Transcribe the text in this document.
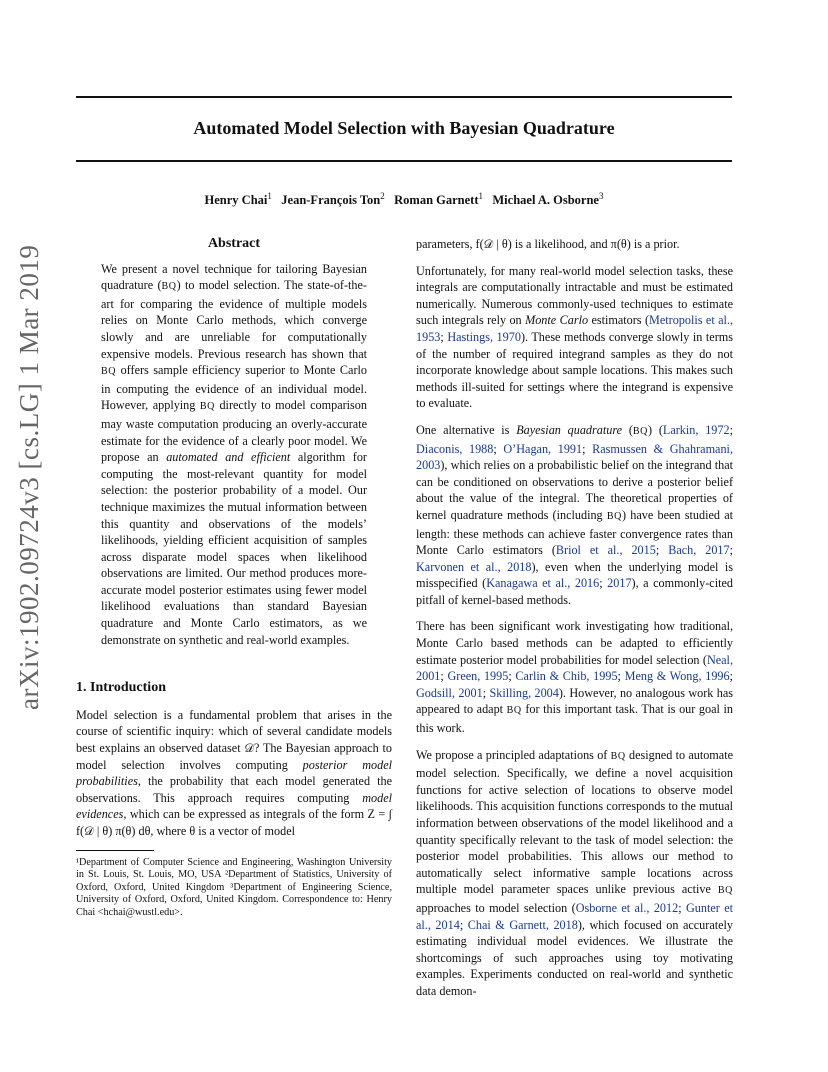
Automated Model Selection with Bayesian Quadrature
Henry Chai$^1$ Jean-François Ton$^2$ Roman Garnett$^1$ Michael A. Osborne$^3$
arXiv:1902.09724v3 [cs.LG] 1 Mar 2019
Abstract
We present a novel technique for tailoring Bayesian quadrature (BQ) to model selection. The state-of-the-art for comparing the evidence of multiple models relies on Monte Carlo methods, which converge slowly and are unreliable for computationally expensive models. Previous research has shown that BQ offers sample efficiency superior to Monte Carlo in computing the evidence of an individual model. However, applying BQ directly to model comparison may waste computation producing an overly-accurate estimate for the evidence of a clearly poor model. We propose an automated and efficient algorithm for computing the most-relevant quantity for model selection: the posterior probability of a model. Our technique maximizes the mutual information between this quantity and observations of the models’ likelihoods, yielding efficient acquisition of samples across disparate model spaces when likelihood observations are limited. Our method produces more-accurate model posterior estimates using fewer model likelihood evaluations than standard Bayesian quadrature and Monte Carlo estimators, as we demonstrate on synthetic and real-world examples.
1. Introduction

Model selection is a fundamental problem that arises in the course of scientific inquiry: which of several candidate models best explains an observed dataset 𝒟? The Bayesian approach to model selection involves computing posterior model probabilities, the probability that each model generated the observations. This approach requires computing model evidences, which can be expressed as integrals of the form Z = ∫ f(𝒟 | θ) π(θ) dθ, where θ is a vector of model

¹Department of Computer Science and Engineering, Washington University in St. Louis, St. Louis, MO, USA ²Department of Statistics, University of Oxford, Oxford, United Kingdom ³Department of Engineering Science, University of Oxford, Oxford, United Kingdom. Correspondence to: Henry Chai <hchai@wustl.edu>.

parameters, f(𝒟 | θ) is a likelihood, and π(θ) is a prior.

Unfortunately, for many real-world model selection tasks, these integrals are computationally intractable and must be estimated numerically. Numerous commonly-used techniques to estimate such integrals rely on Monte Carlo estimators (Metropolis et al., 1953; Hastings, 1970). These methods converge slowly in terms of the number of required integrand samples as they do not incorporate knowledge about sample locations. This makes such methods ill-suited for settings where the integrand is expensive to evaluate.

One alternative is Bayesian quadrature (BQ) (Larkin, 1972; Diaconis, 1988; O’Hagan, 1991; Rasmussen & Ghahramani, 2003), which relies on a probabilistic belief on the integrand that can be conditioned on observations to derive a posterior belief about the value of the integral. The theoretical properties of kernel quadrature methods (including BQ) have been studied at length: these methods can achieve faster convergence rates than Monte Carlo estimators (Briol et al., 2015; Bach, 2017; Karvonen et al., 2018), even when the underlying model is misspecified (Kanagawa et al., 2016; 2017), a commonly-cited pitfall of kernel-based methods.

There has been significant work investigating how traditional, Monte Carlo based methods can be adapted to efficiently estimate posterior model probabilities for model selection (Neal, 2001; Green, 1995; Carlin & Chib, 1995; Meng & Wong, 1996; Godsill, 2001; Skilling, 2004). However, no analogous work has appeared to adapt BQ for this important task. That is our goal in this work.

We propose a principled adaptations of BQ designed to automate model selection. Specifically, we define a novel acquisition functions for active selection of locations to observe model likelihoods. This acquisition functions corresponds to the mutual information between observations of the model likelihood and a quantity specifically relevant to the task of model selection: the posterior model probabilities. This allows our method to automatically select informative sample locations across multiple model parameter spaces unlike previous active BQ approaches to model selection (Osborne et al., 2012; Gunter et al., 2014; Chai & Garnett, 2018), which focused on accurately estimating individual model evidences. We illustrate the shortcomings of such approaches using toy motivating examples. Experiments conducted on real-world and synthetic data demon-
